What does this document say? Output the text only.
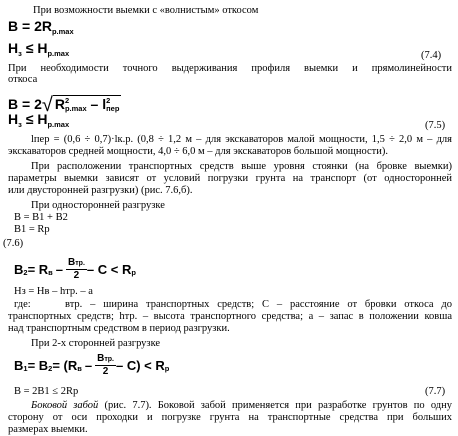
При возможности выемки с «волнистым» откосом
$B = 2R_{p.max}$
$H_з \le H_{p.max}$	(7.4)
При необходимости точного выдерживания профиля выемки и прямолинейности
откоса
B = 2√ R 2
p.max – l 2
пер
$H_з \le H_{p.max}$	(7.5)
lпер = (0,6 ÷ 0,7)·lк.р. (0,8 ÷ 1,2 м – для экскаваторов малой мощности, 1,5 ÷ 2,0 м – для
экскаваторов средней мощности, 4,0 ÷ 6,0 м – для экскаваторов большой мощности).
При расположении транспортных средств выше уровня стоянки (на бровке выемки)
параметры выемки зависят от условий погрузки грунта на транспорт (от односторонней
или двусторонней разгрузки) (рис. 7.6,б).
При односторонней разгрузке
B = B1 + B2
B1 = Rp
(7.6)
B 2 = R в – Bтр.
2 – C < R p
Hз = Hв – hтр. – a
где:	втр. – ширина транспортных средств; C – расстояние от бровки откоса до
транспортных средств; hтр. – высота транспортного средства; a – запас в положении ковша
над транспортным средством в период разгрузки.
При 2-х сторонней разгрузке
B 1 = B 2 = (R в – Bтр.
2 – C) < R p
B = 2B1 ≤ 2Rp	(7.7)
Боковой забой (рис. 7.7). Боковой забой применяется при разработке грунтов по одну
сторону от оси проходки и погрузке грунта на транспортные средства при больших
размерах выемки.
